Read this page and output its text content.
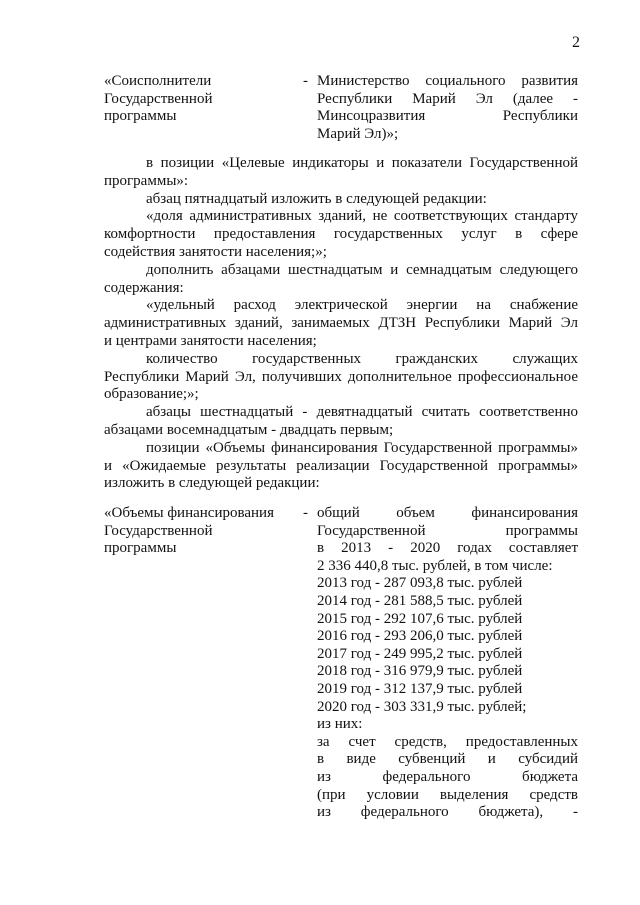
2
«Соисполнители
Государственной
программы
- Министерство социального развития
Республики Марий Эл (далее -
Минсоцразвития Республики
Марий Эл)»;
в позиции «Целевые индикаторы и показатели Государственной
программы»:
абзац пятнадцатый изложить в следующей редакции:
«доля административных зданий, не соответствующих стандарту
комфортности предоставления государственных услуг в сфере
содействия занятости населения;»;
дополнить абзацами шестнадцатым и семнадцатым следующего
содержания:
«удельный расход электрической энергии на снабжение
административных зданий, занимаемых ДТЗН Республики Марий Эл
и центрами занятости населения;
количество государственных гражданских служащих
Республики Марий Эл, получивших дополнительное профессиональное
образование;»;
абзацы шестнадцатый - девятнадцатый считать соответственно
абзацами восемнадцатым - двадцать первым;
позиции «Объемы финансирования Государственной программы»
и «Ожидаемые результаты реализации Государственной программы»
изложить в следующей редакции:
«Объемы финансирования
Государственной
программы
- общий объем финансирования
Государственной программы
в 2013 - 2020 годах составляет
2 336 440,8 тыс. рублей, в том числе:
2013 год - 287 093,8 тыс. рублей
2014 год - 281 588,5 тыс. рублей
2015 год - 292 107,6 тыс. рублей
2016 год - 293 206,0 тыс. рублей
2017 год - 249 995,2 тыс. рублей
2018 год - 316 979,9 тыс. рублей
2019 год - 312 137,9 тыс. рублей
2020 год - 303 331,9 тыс. рублей;
из них:
за счет средств, предоставленных
в виде субвенций и субсидий
из федерального бюджета
(при условии выделения средств
из федерального бюджета), -
